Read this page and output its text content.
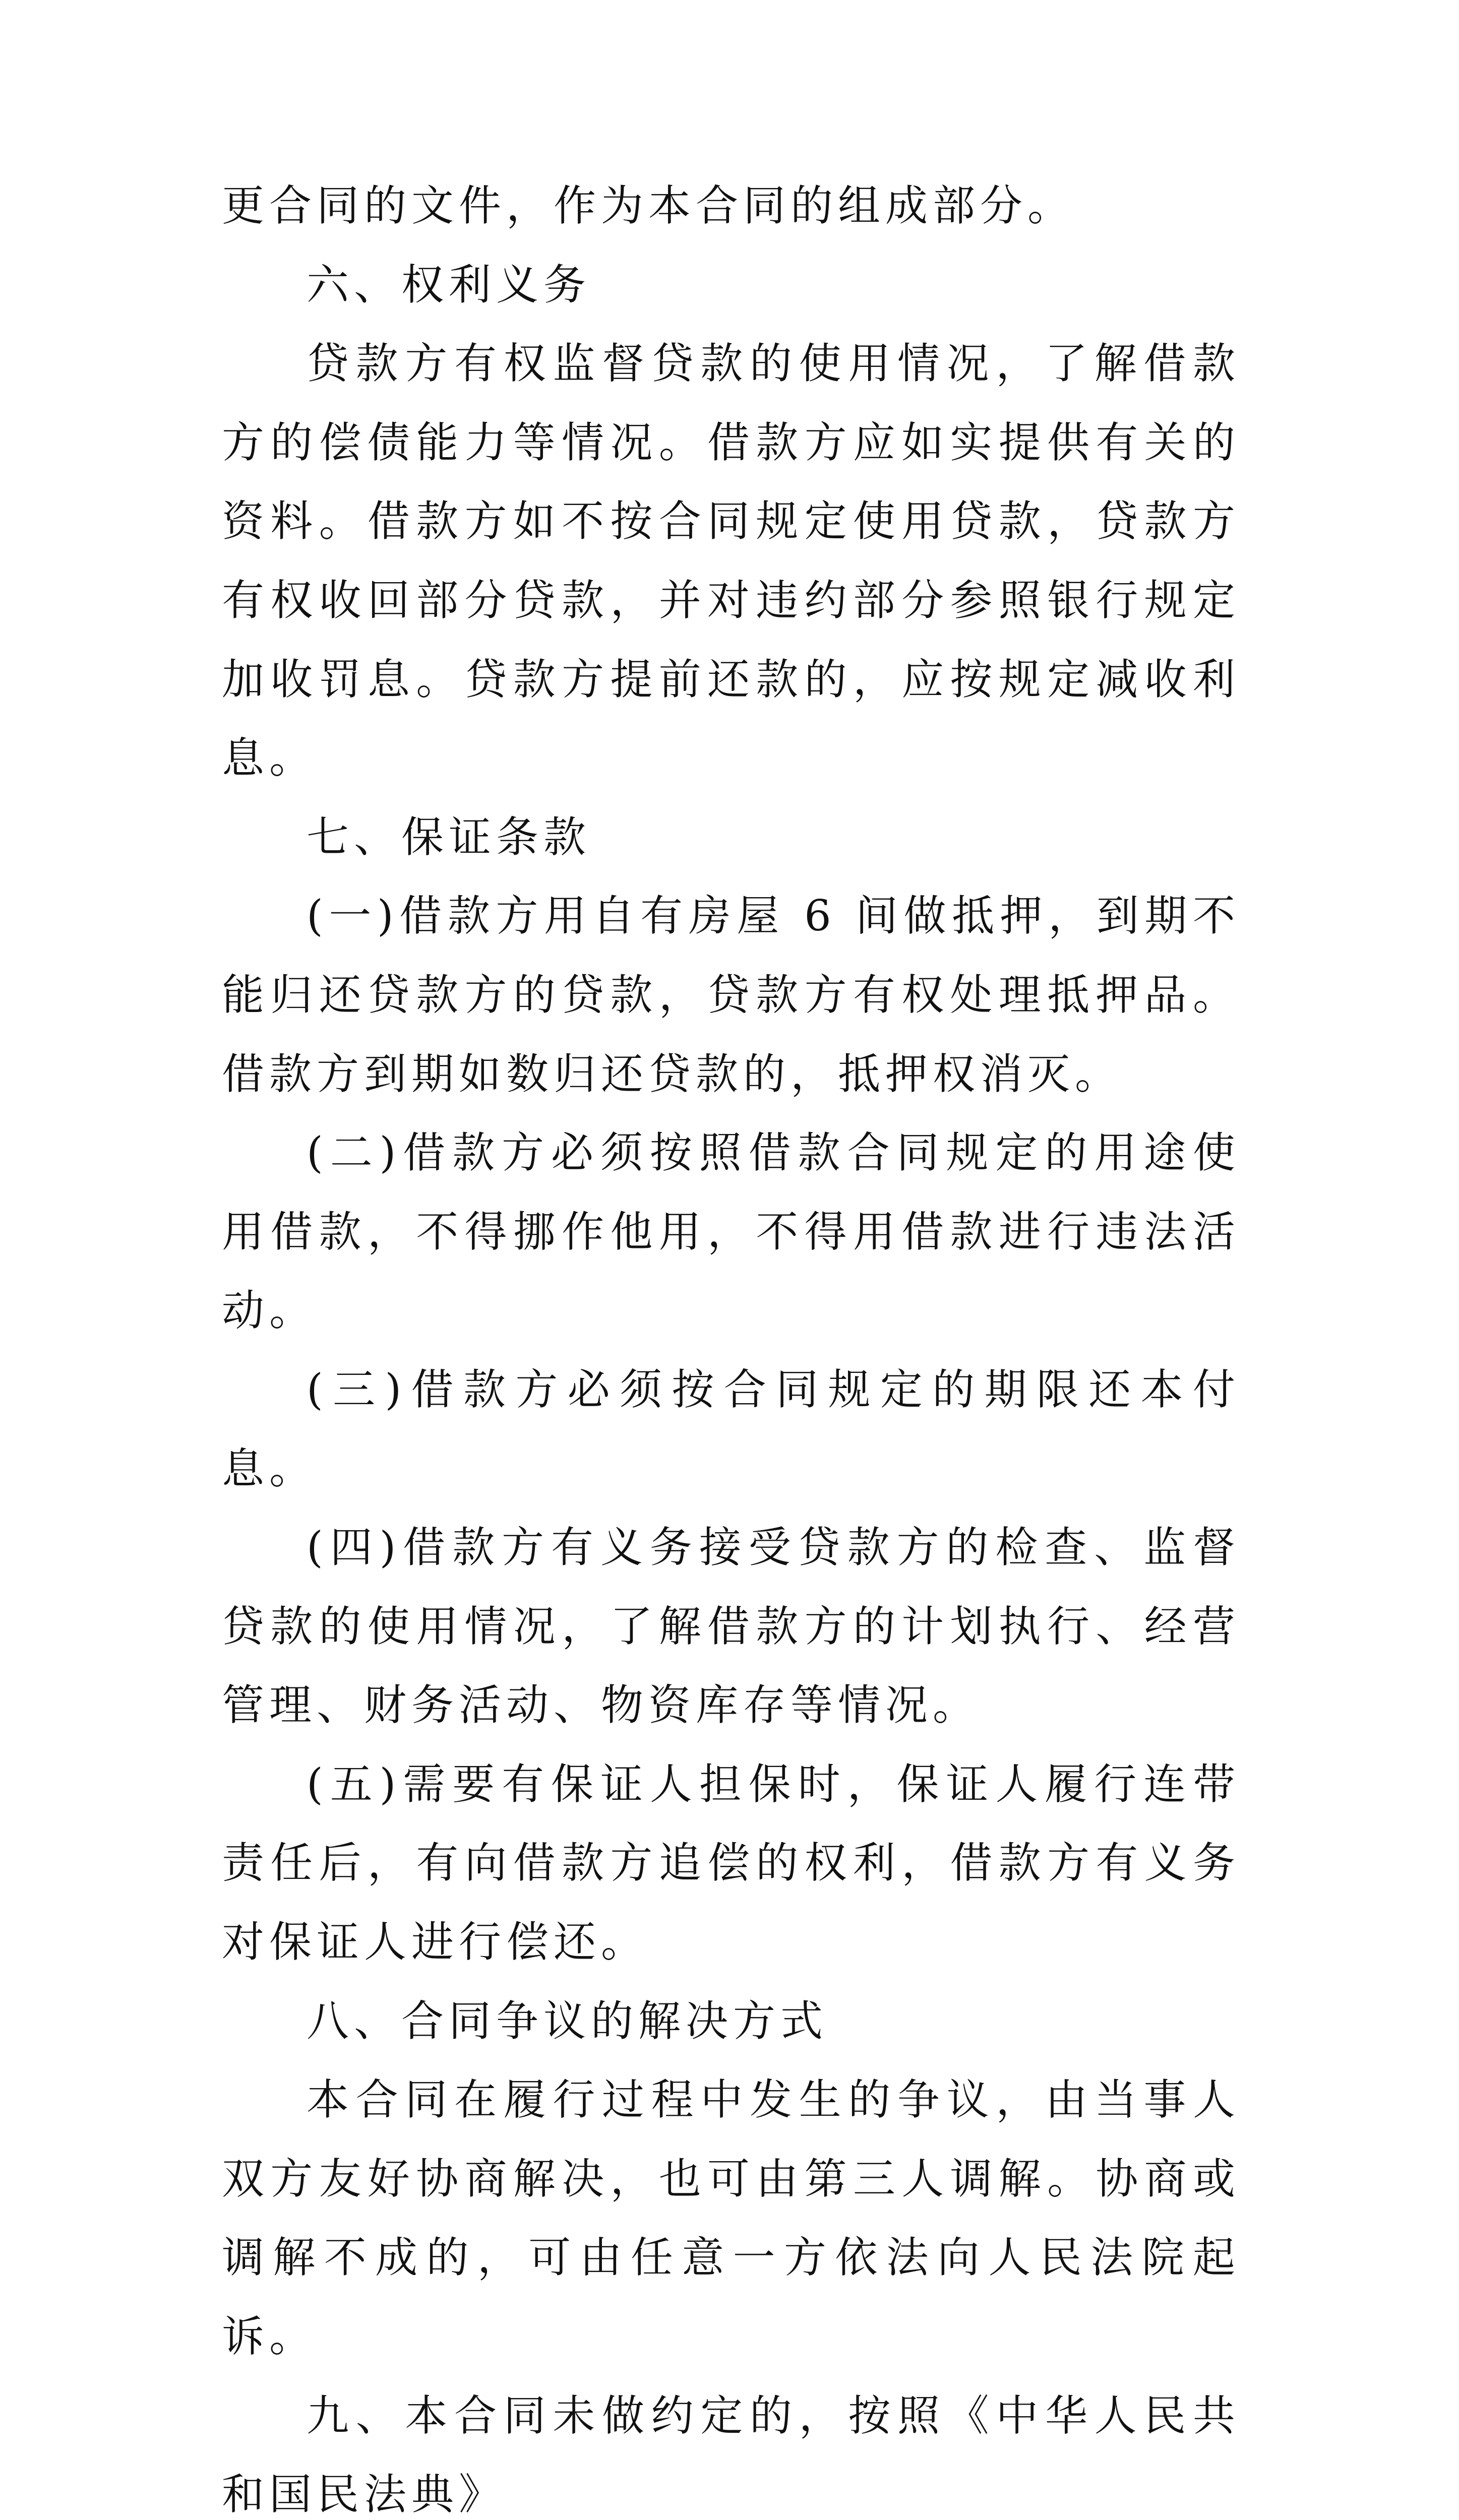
更合同的文件，作为本合同的组成部分。

六、权利义务

贷款方有权监督贷款的使用情况，了解借款方的偿债能力等情况。借款方应如实提供有关的资料。借款方如不按合同规定使用贷款，贷款方有权收回部分贷款，并对违约部分参照银行规定加收罚息。贷款方提前还款的，应按规定减收利息。

七、保证条款

(一)借款方用自有房屋 6 间做抵押，到期不能归还贷款方的贷款，贷款方有权处理抵押品。借款方到期如数归还贷款的，抵押权消灭。

(二)借款方必须按照借款合同规定的用途使用借款，不得挪作他用，不得用借款进行违法活动。

(三)借款方必须按合同规定的期限还本付息。

(四)借款方有义务接受贷款方的检查、监督贷款的使用情况，了解借款方的计划执行、经营管理、财务活动、物资库存等情况。

(五)需要有保证人担保时，保证人履行连带责任后，有向借款方追偿的权利，借款方有义务对保证人进行偿还。

八、合同争议的解决方式

本合同在履行过程中发生的争议，由当事人双方友好协商解决，也可由第三人调解。协商或调解不成的，可由任意一方依法向人民法院起诉。

九、本合同未做约定的，按照《中华人民共和国民法典》
